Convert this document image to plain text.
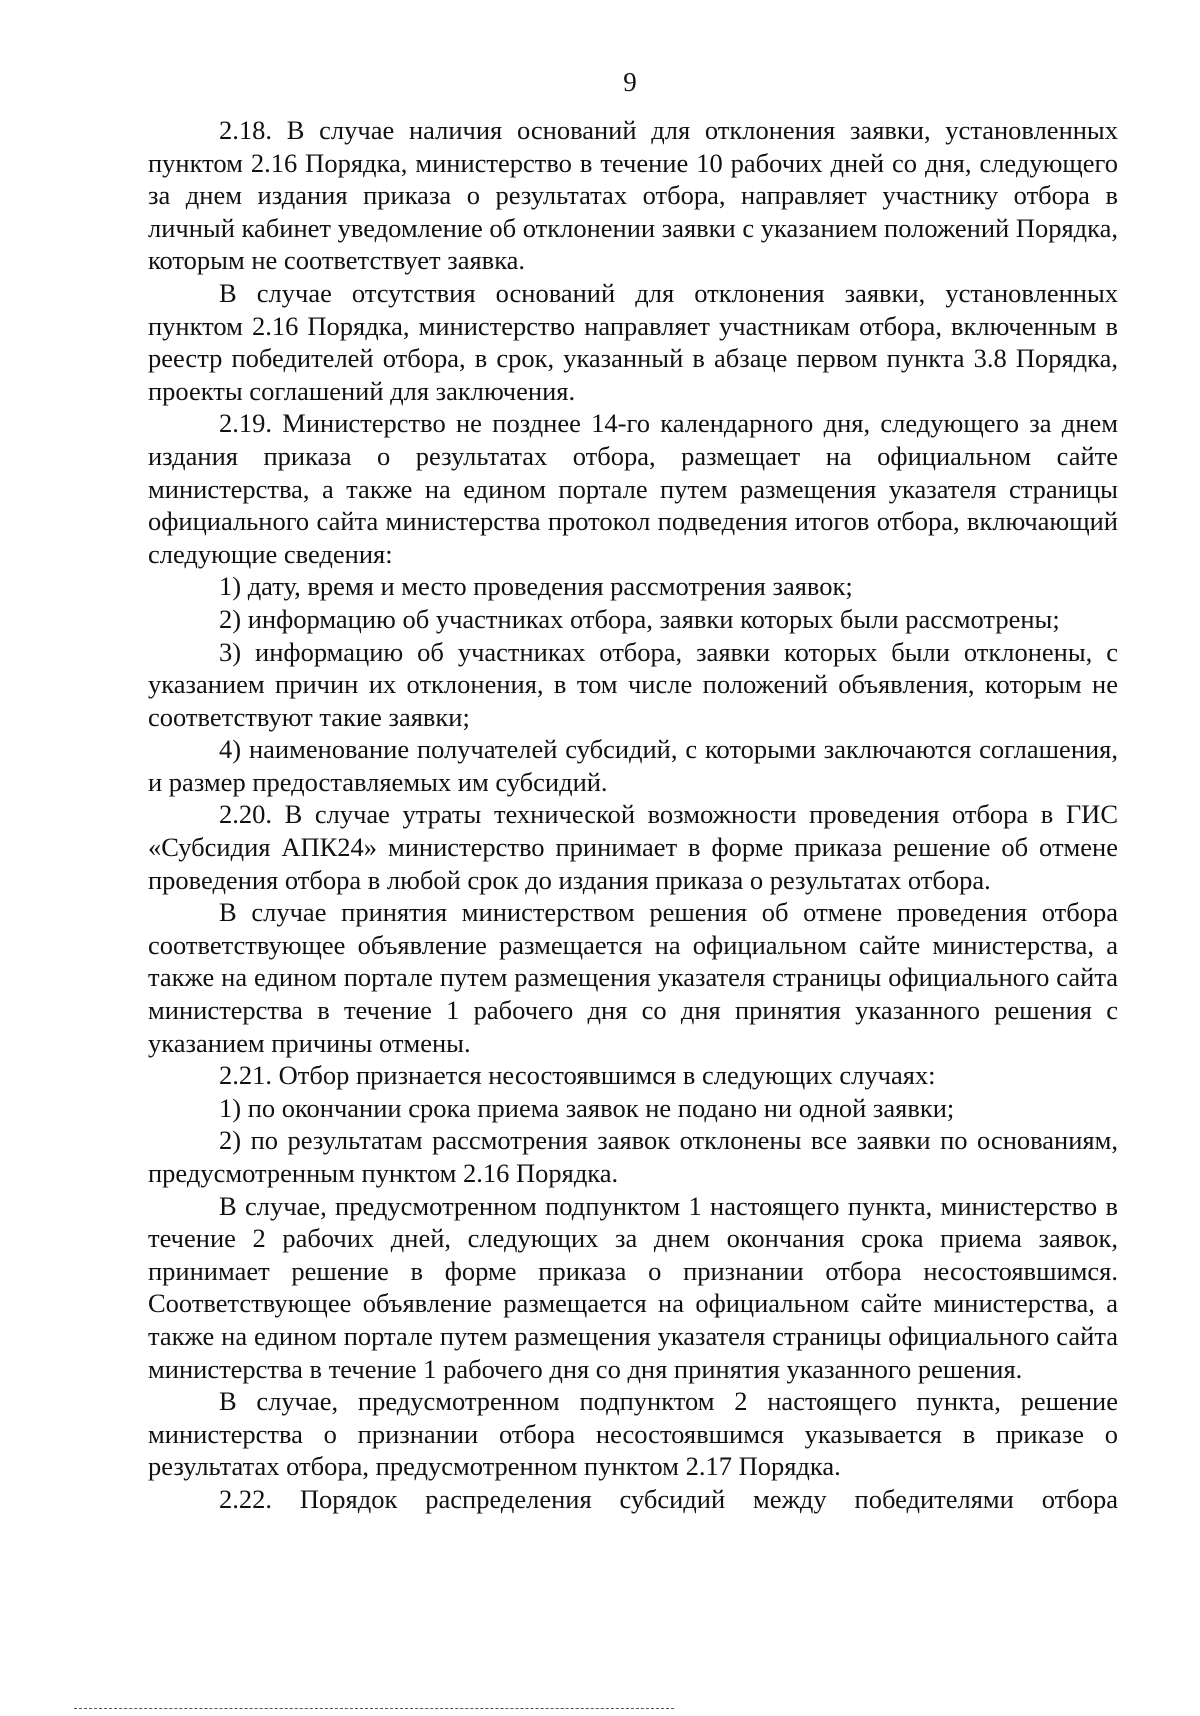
9

2.18. В случае наличия оснований для отклонения заявки, установленных пунктом 2.16 Порядка, министерство в течение 10 рабочих дней со дня, следующего за днем издания приказа о результатах отбора, направляет участнику отбора в личный кабинет уведомление об отклонении заявки с указанием положений Порядка, которым не соответствует заявка.

В случае отсутствия оснований для отклонения заявки, установленных пунктом 2.16 Порядка, министерство направляет участникам отбора, включенным в реестр победителей отбора, в срок, указанный в абзаце первом пункта 3.8 Порядка, проекты соглашений для заключения.

2.19. Министерство не позднее 14-го календарного дня, следующего за днем издания приказа о результатах отбора, размещает на официальном сайте министерства, а также на едином портале путем размещения указателя страницы официального сайта министерства протокол подведения итогов отбора, включающий следующие сведения:

1) дату, время и место проведения рассмотрения заявок;

2) информацию об участниках отбора, заявки которых были рассмотрены;

3) информацию об участниках отбора, заявки которых были отклонены, с указанием причин их отклонения, в том числе положений объявления, которым не соответствуют такие заявки;

4) наименование получателей субсидий, с которыми заключаются соглашения, и размер предоставляемых им субсидий.

2.20. В случае утраты технической возможности проведения отбора в ГИС «Субсидия АПК24» министерство принимает в форме приказа решение об отмене проведения отбора в любой срок до издания приказа о результатах отбора.

В случае принятия министерством решения об отмене проведения отбора соответствующее объявление размещается на официальном сайте министерства, а также на едином портале путем размещения указателя страницы официального сайта министерства в течение 1 рабочего дня со дня принятия указанного решения с указанием причины отмены.

2.21. Отбор признается несостоявшимся в следующих случаях:

1) по окончании срока приема заявок не подано ни одной заявки;

2) по результатам рассмотрения заявок отклонены все заявки по основаниям, предусмотренным пунктом 2.16 Порядка.

В случае, предусмотренном подпунктом 1 настоящего пункта, министерство в течение 2 рабочих дней, следующих за днем окончания срока приема заявок, принимает решение в форме приказа о признании отбора несостоявшимся. Соответствующее объявление размещается на официальном сайте министерства, а также на едином портале путем размещения указателя страницы официального сайта министерства в течение 1 рабочего дня со дня принятия указанного решения.

В случае, предусмотренном подпунктом 2 настоящего пункта, решение министерства о признании отбора несостоявшимся указывается в приказе о результатах отбора, предусмотренном пунктом 2.17 Порядка.

2.22. Порядок распределения субсидий между победителями отбора
